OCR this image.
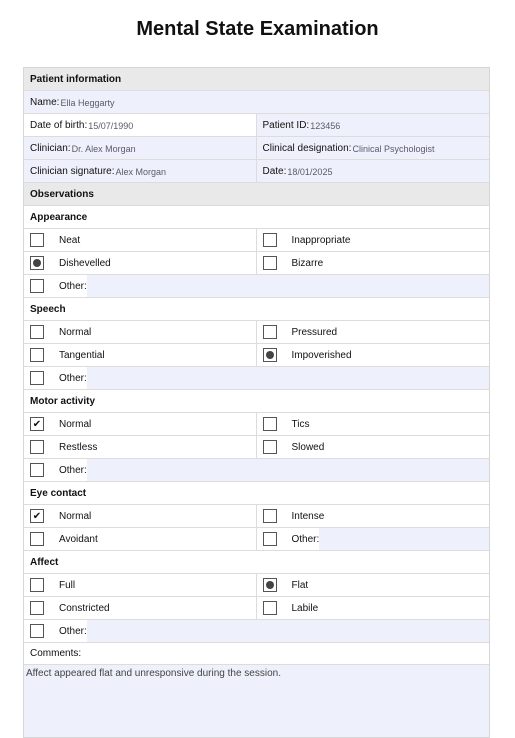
Mental State Examination
Patient information
Name: Ella Heggarty
Date of birth: 15/07/1990	Patient ID: 123456
Clinician: Dr. Alex Morgan	Clinical designation: Clinical Psychologist
Clinician signature: Alex Morgan	Date: 18/01/2025
Observations
Appearance
Neat	Inappropriate
Dishevelled	Bizarre
Other:
Speech
Normal	Pressured
Tangential	Impoverished
Other:
Motor activity
✔	Normal	Tics
Restless	Slowed
Other:
Eye contact
✔	Normal	Intense
Avoidant	Other:
Affect
Full	Flat
Constricted	Labile
Other:
Comments:
Affect appeared flat and unresponsive during the session.
